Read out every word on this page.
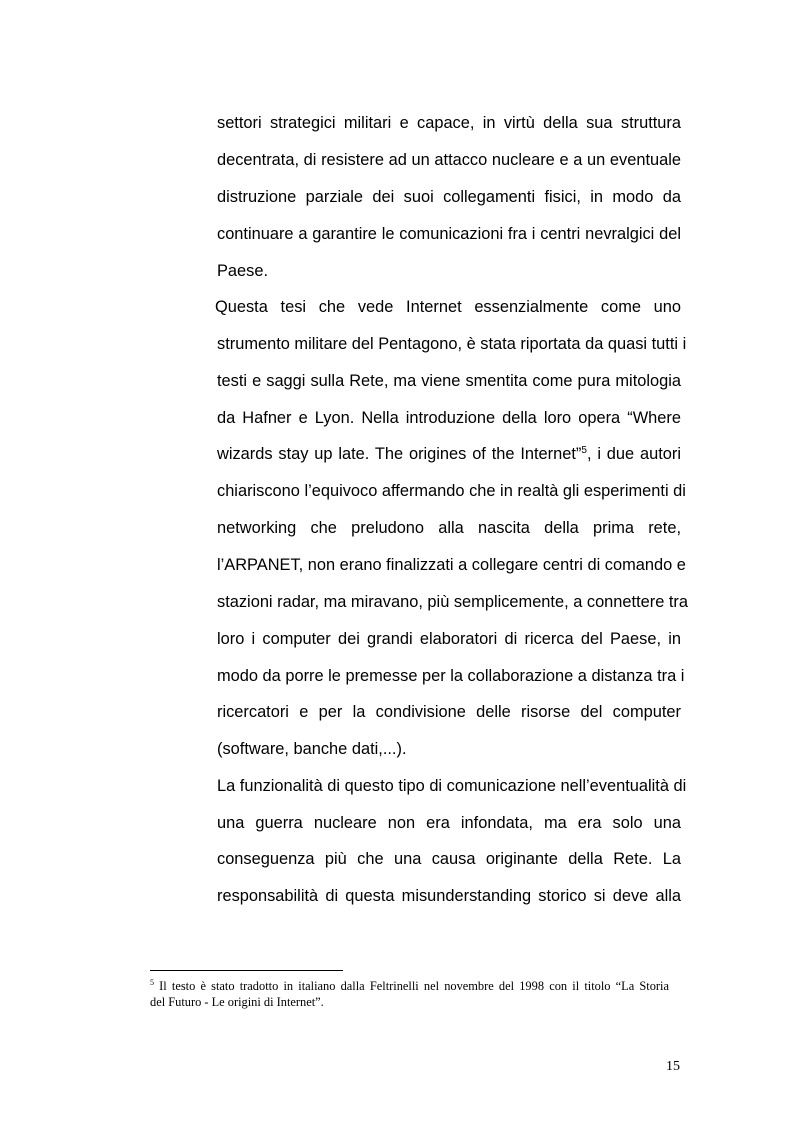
settori strategici militari e capace, in virtù della sua struttura
decentrata, di resistere ad un attacco nucleare e a un eventuale
distruzione parziale dei suoi collegamenti fisici, in modo da
continuare a garantire le comunicazioni fra i centri nevralgici del
Paese.
Questa tesi che vede Internet essenzialmente come uno
strumento militare del Pentagono, è stata riportata da quasi tutti i
testi e saggi sulla Rete, ma viene smentita come pura mitologia
da Hafner e Lyon. Nella introduzione della loro opera “Where
wizards stay up late. The origines of the Internet”$^5$, i due autori
chiariscono l’equivoco affermando che in realtà gli esperimenti di
networking che preludono alla nascita della prima rete,
l’ARPANET, non erano finalizzati a collegare centri di comando e
stazioni radar, ma miravano, più semplicemente, a connettere tra
loro i computer dei grandi elaboratori di ricerca del Paese, in
modo da porre le premesse per la collaborazione a distanza tra i
ricercatori e per la condivisione delle risorse del computer
(software, banche dati,...).
La funzionalità di questo tipo di comunicazione nell’eventualità di
una guerra nucleare non era infondata, ma era solo una
conseguenza più che una causa originante della Rete. La
responsabilità di questa misunderstanding storico si deve alla
$^5$ Il testo è stato tradotto in italiano dalla Feltrinelli nel novembre del 1998 con il titolo “La Storia
del Futuro - Le origini di Internet”.
15
